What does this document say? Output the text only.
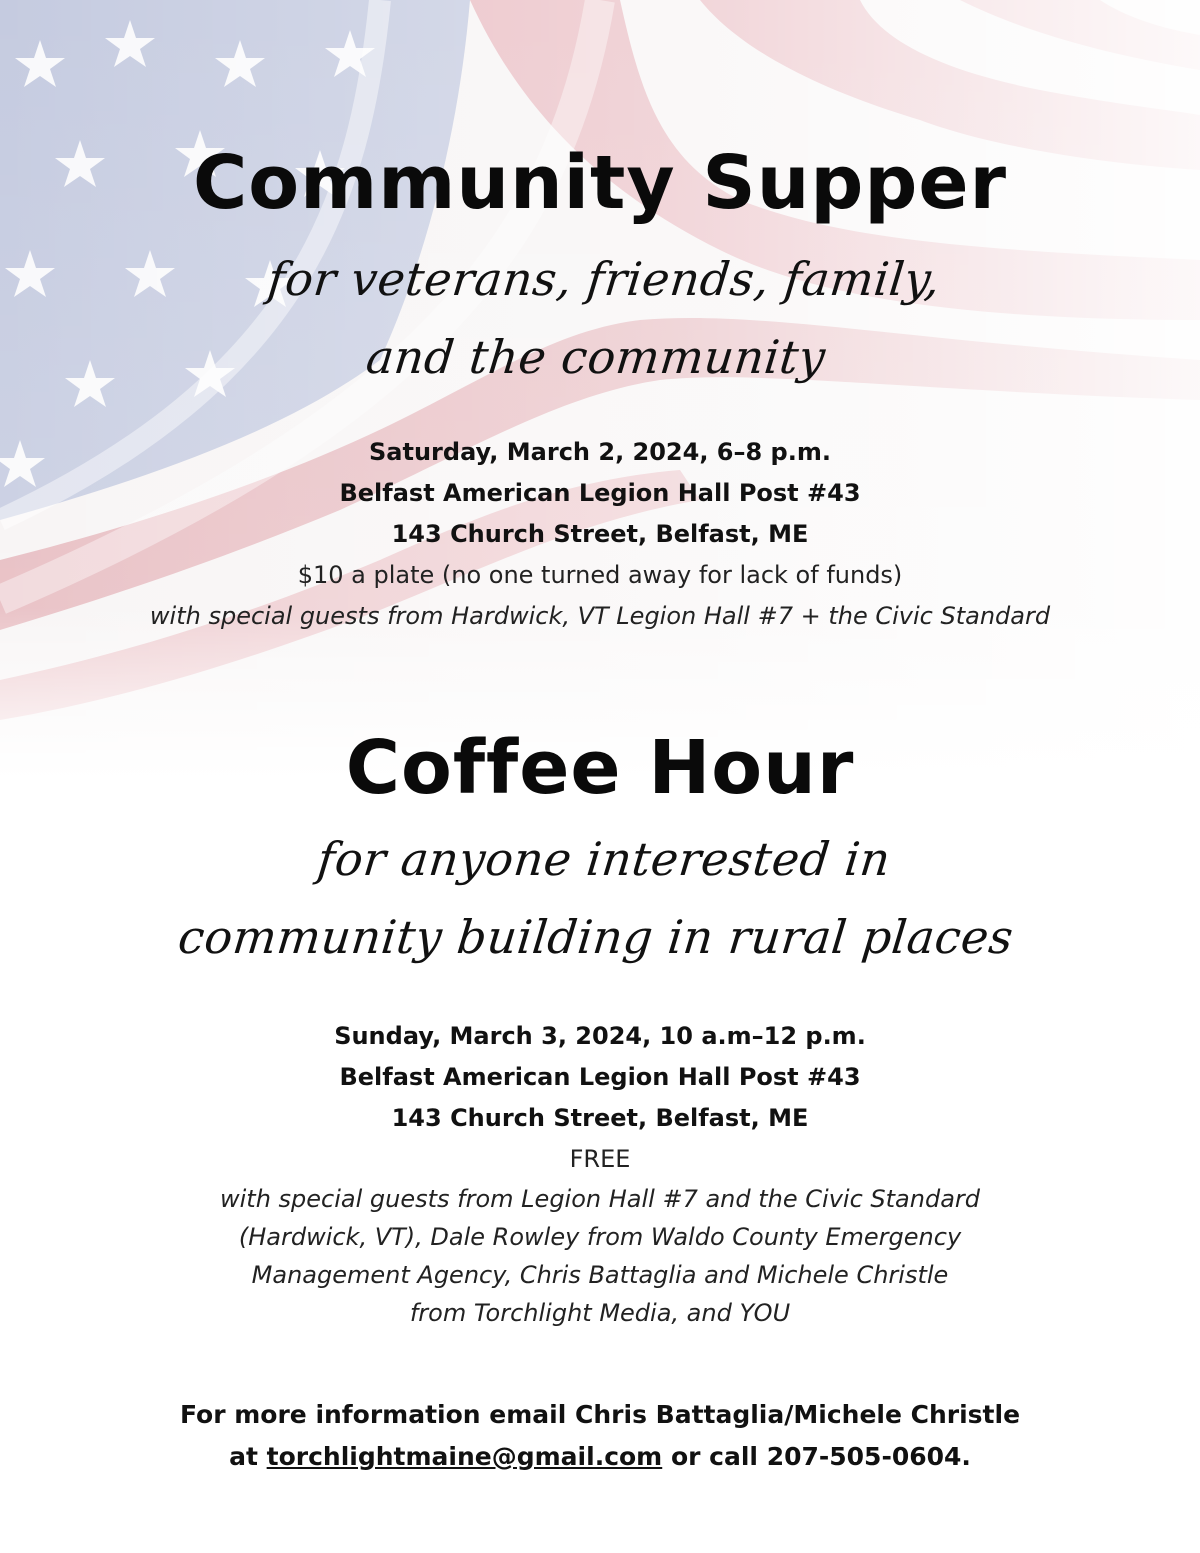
Community Supper
for veterans, friends, family,
and the community
Saturday, March 2, 2024, 6–8 p.m.
Belfast American Legion Hall Post #43
143 Church Street, Belfast, ME
$10 a plate (no one turned away for lack of funds)
with special guests from Hardwick, VT Legion Hall #7 + the Civic Standard
Coffee Hour
for anyone interested in
community building in rural places
Sunday, March 3, 2024, 10 a.m–12 p.m.
Belfast American Legion Hall Post #43
143 Church Street, Belfast, ME
FREE
with special guests from Legion Hall #7 and the Civic Standard
(Hardwick, VT), Dale Rowley from Waldo County Emergency
Management Agency, Chris Battaglia and Michele Christle
from Torchlight Media, and YOU
For more information email Chris Battaglia/Michele Christle
at torchlightmaine@gmail.com or call 207-505-0604.
